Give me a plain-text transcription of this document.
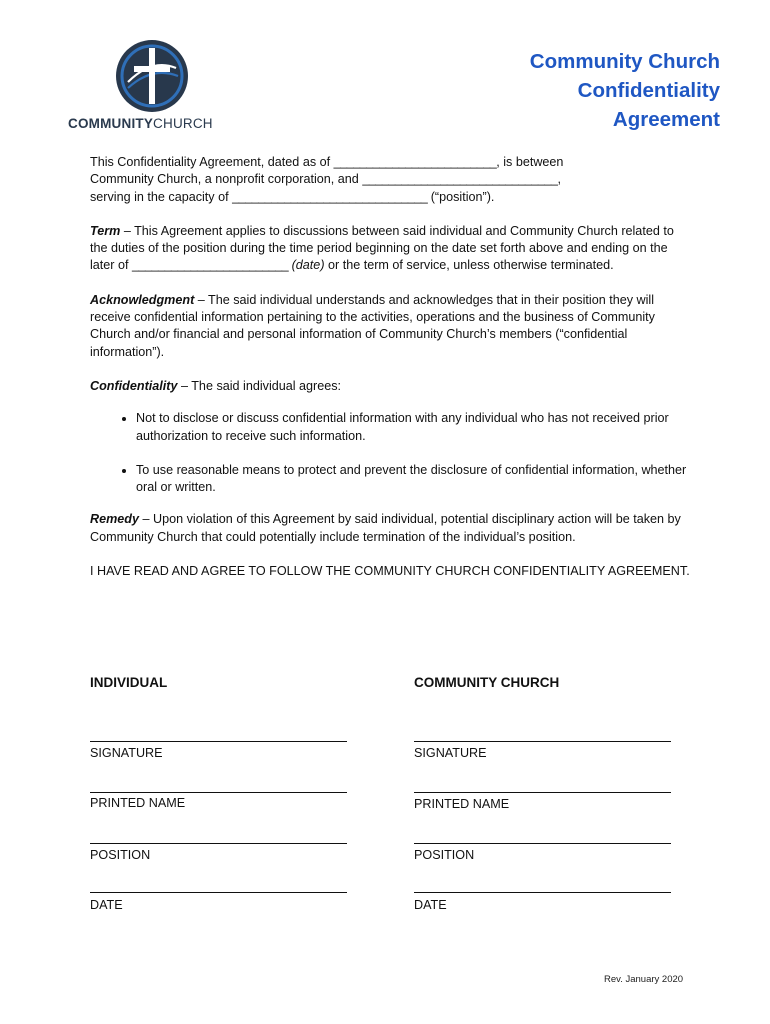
COMMUNITYCHURCH
Community Church
Confidentiality
Agreement

This Confidentiality Agreement, dated as of _________________________, is between
Community Church, a nonprofit corporation, and ______________________________,
serving in the capacity of ______________________________ (“position”).

Term – This Agreement applies to discussions between said individual and Community Church related to the duties of the position during the time period beginning on the date set forth above and ending on the later of ________________________ (date) or the term of service, unless otherwise terminated.

Acknowledgment – The said individual understands and acknowledges that in their position they will receive confidential information pertaining to the activities, operations and the business of Community Church and/or financial and personal information of Community Church’s members (“confidential information”).

Confidentiality – The said individual agrees:

• Not to disclose or discuss confidential information with any individual who has not received prior authorization to receive such information.
• To use reasonable means to protect and prevent the disclosure of confidential information, whether oral or written.

Remedy – Upon violation of this Agreement by said individual, potential disciplinary action will be taken by Community Church that could potentially include termination of the individual’s position.

I HAVE READ AND AGREE TO FOLLOW THE COMMUNITY CHURCH CONFIDENTIALITY AGREEMENT.

INDIVIDUAL
SIGNATURE
PRINTED NAME
POSITION
DATE
COMMUNITY CHURCH
SIGNATURE
PRINTED NAME
POSITION
DATE
Rev. January 2020
